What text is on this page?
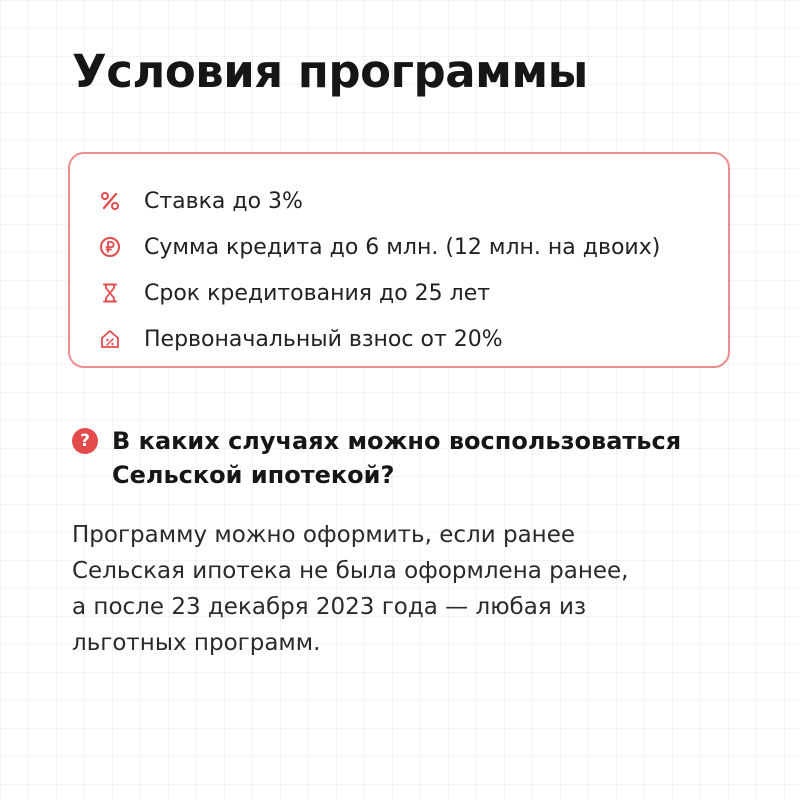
Условия программы
Ставка до 3%
Сумма кредита до 6 млн. (12 млн. на двоих)
Срок кредитования до 25 лет
Первоначальный взнос от 20%
? В каких случаях можно воспользоваться
Сельской ипотекой?
Программу можно оформить, если ранее
Сельская ипотека не была оформлена ранее,
а после 23 декабря 2023 года — любая из
льготных программ.
